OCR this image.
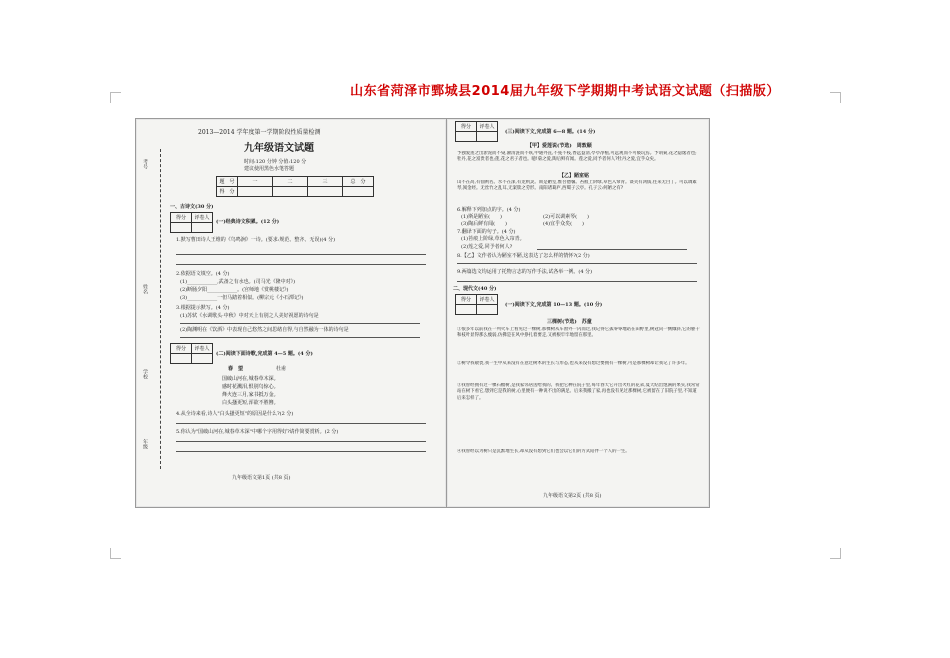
山东省菏泽市鄄城县2014届九年级下学期期中考试语文试题（扫描版）
2013—2014 学年度第一学期阶段性质量检测
九年级语文试题
时间:120 分钟 分值:120 分
建议使用黑色水笔答题
题　号	一	二	三	总　分
得　分				
考号
姓名
学校
年级
一、古诗文(30 分)
得分	评卷人

(一)经典诗文积累。(12 分)
1.默写曹田诗人王维的《鸟鸣涧》一诗。(要求:规范、整齐、无误)(4 分)
2.依据语文填空。(4 分)
(1)____________,武备之有水也。(司马光《隆中对》)
(2)断肠夕阳____________。(宫师地《赏桃楼记》)
(3)____________一但马踏着相似。(柳宗元《小石潭记》)
3.根据提示默写。(4 分)
(1)苏轼《水调歌头·中秋》中对天上有别之人美好祝愿的诗句是
(2)陶渊明在《饮酒》中表现自己悠然之间思绪自得,与自然融为一体的诗句是
得分	评卷人

(二)阅读下面诗歌,完成第 4—5 题。(4 分)
春　望	杜甫
国破山河在,城春草木深。
感时花溅泪,恨别鸟惊心。
烽火连三月,家书抵万金。
白头搔更短,浑欲不胜簪。
4.从全诗来看,诗人"白头搔更短"的原因是什么?(2 分)
5.你认为"国破山河在,城春草木深"中哪个字用得好?请作简要赏析。(2 分)
九年级语文第1页 (共8 页)
得分	评卷人

(三)阅读下文,完成第 6—8 题。(14 分)
【甲】爱莲说(节选)　周敦颐
予独爱莲之出淤泥而不染,濯清涟而不妖,中通外直,不蔓不枝,香远益清,亭亭净植,可远观而不可亵玩焉。予谓菊,花之隐逸者也;牡丹,花之富贵者也;莲,花之君子者也。噫!菊之爱,陶后鲜有闻。莲之爱,同予者何人?牡丹之爱,宜乎众矣。
【乙】陋室铭
山不在高,有仙则名。水不在深,有龙则灵。斯是陋室,惟吾德馨。苔痕上阶绿,草色入帘青。谈笑有鸿儒,往来无白丁。可以调素琴,阅金经。无丝竹之乱耳,无案牍之劳形。南阳诸葛庐,西蜀子云亭。孔子云:何陋之有?
6.解释下列加点的字。(4 分)
(1)斯是陋室(　　)	(2)可以调素琴(　　)
(3)陶后鲜有闻(　　)	(4)宜乎众矣(　　)
7.翻译下面的句子。(4 分)
(1)苔痕上阶绿,草色入帘青。
(2)莲之爱,同予者何人?
8.【乙】文作者认为陋室不陋,这表达了怎么样的情怀?(2 分)
9.两篇选文均运用了托物言志的写作手法,试各举一例。(4 分)
二、现代文(40 分)
得分	评卷人

(一)阅读下文,完成第 10—13 题。(10 分)
三棵树(节选)　苏童
①很多年以前我在一列火车上看见过一棵树,那棵树从车窗外一闪而过,我记得它孤零零地站在田野里,树冠向一侧倾斜,它的躯干和枝叶显得那么瘦弱,仿佛是在风中挣扎着要走,又被根牢牢地留在那里。
②树令我敬畏,我一生中从来没有在意过树木的生长与形态,也从来没有想过要拥有一棵树,可是那棵树却让我记了许多年。
③我曾经拥有过一棵石榴树,是我家邻居送给我的。我把它种在院子里,每年春天它开出火红的花朵,夏天结出饱满的果实,我常常站在树下看它,想到它是我的树,心里便有一种说不出的满足。后来我搬了家,再也没有见过那棵树,它被留在了旧院子里,不知道后来怎样了。
④我曾经以为树只是沉默地生长,却从没有想到它们也会以它们的方式陪伴一个人的一生。
九年级语文第2页 (共8 页)
